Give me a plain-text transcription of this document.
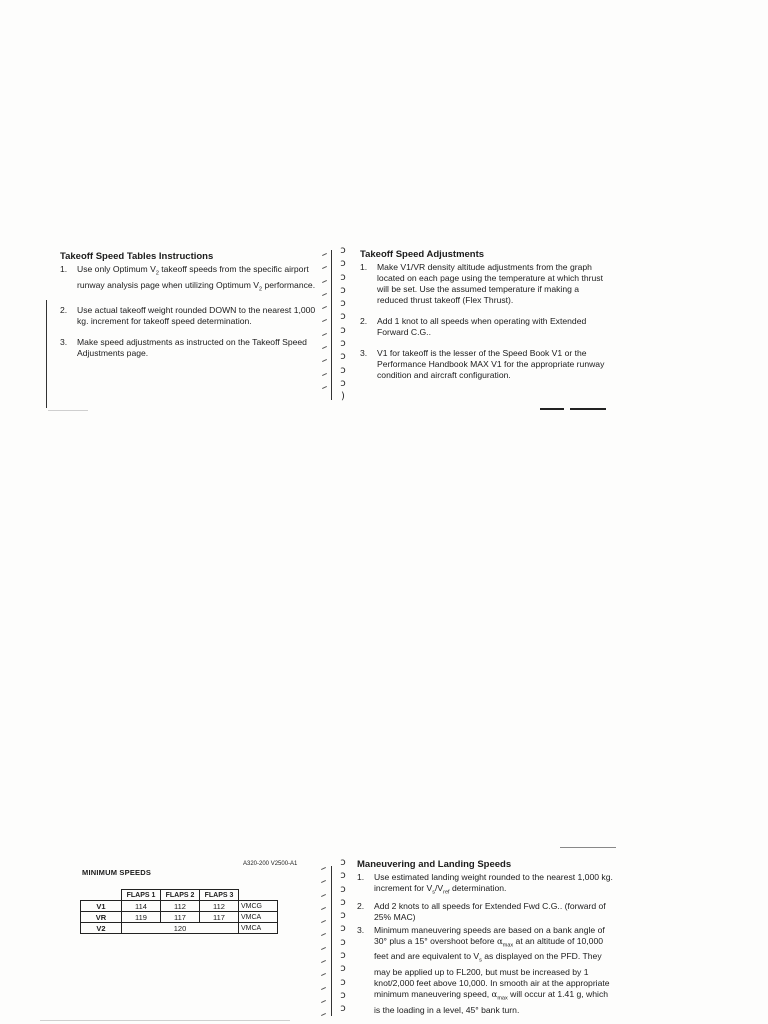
Takeoff Speed Tables Instructions
1. Use only Optimum $V_2$ takeoff speeds from the specific airport runway analysis page when utilizing Optimum $V_2$ performance.
2. Use actual takeoff weight rounded DOWN to the nearest 1,000 kg. increment for takeoff speed determination.
3. Make speed adjustments as instructed on the Takeoff Speed Adjustments page.
ↄ
ↄ
ↄ
ↄ
ↄ
ↄ
ↄ
ↄ
ↄ
ↄ
ↄ
)
Takeoff Speed Adjustments
1. Make V1/VR density altitude adjustments from the graph located on each page using the temperature at which thrust will be set. Use the assumed temperature if making a reduced thrust takeoff (Flex Thrust).
2. Add 1 knot to all speeds when operating with Extended Forward C.G..
3. V1 for takeoff is the lesser of the Speed Book V1 or the Performance Handbook MAX V1 for the appropriate runway condition and aircraft configuration.
A320-200 V2500-A1
MINIMUM SPEEDS
	FLAPS 1	FLAPS 2	FLAPS 3	
V1	114	112	112	VMCG
VR	119	117	117	VMCA
V2	120			VMCA
ↄ
ↄ
ↄ
ↄ
ↄ
ↄ
ↄ
ↄ
ↄ
ↄ
ↄ
ↄ
Maneuvering and Landing Speeds
1. Use estimated landing weight rounded to the nearest 1,000 kg. increment for $V_s/V_{ref}$ determination.
2. Add 2 knots to all speeds for Extended Fwd C.G.. (forward of 25% MAC)
3. Minimum maneuvering speeds are based on a bank angle of 30° plus a 15° overshoot before $\alpha_{max}$ at an altitude of 10,000 feet and are equivalent to $V_s$ as displayed on the PFD. They may be applied up to FL200, but must be increased by 1 knot/2,000 feet above 10,000. In smooth air at the appropriate minimum maneuvering speed, $\alpha_{max}$ will occur at 1.41 g, which is the loading in a level, 45° bank turn.
